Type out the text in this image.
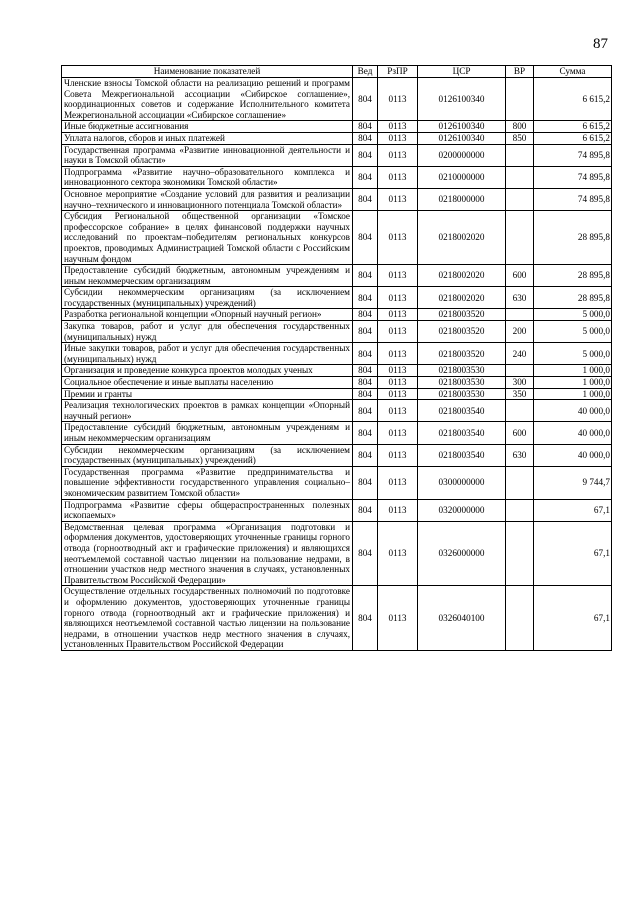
87
Наименование показателей	Вед	РзПР	ЦСР	ВР	Сумма
Членские взносы Томской области на реализацию решений и программ Совета Межрегиональной ассоциации «Сибирское соглашение», координационных советов и содержание Исполнительного комитета Межрегиональной ассоциации «Сибирское соглашение»	804	0113	0126100340		6 615,2
Иные бюджетные ассигнования	804	0113	0126100340	800	6 615,2
Уплата налогов, сборов и иных платежей	804	0113	0126100340	850	6 615,2
Государственная программа «Развитие инновационной деятельности и науки в Томской области»	804	0113	0200000000		74 895,8
Подпрограмма «Развитие научно–образовательного комплекса и инновационного сектора экономики Томской области»	804	0113	0210000000		74 895,8
Основное мероприятие «Создание условий для развития и реализации научно–технического и инновационного потенциала Томской области»	804	0113	0218000000		74 895,8
Субсидия Региональной общественной организации «Томское профессорское собрание» в целях финансовой поддержки научных исследований по проектам–победителям региональных конкурсов проектов, проводимых Администрацией Томской области с Российским научным фондом	804	0113	0218002020		28 895,8
Предоставление субсидий бюджетным, автономным учреждениям и иным некоммерческим организациям	804	0113	0218002020	600	28 895,8
Субсидии некоммерческим организациям (за исключением государственных (муниципальных) учреждений)	804	0113	0218002020	630	28 895,8
Разработка региональной концепции «Опорный научный регион»	804	0113	0218003520		5 000,0
Закупка товаров, работ и услуг для обеспечения государственных (муниципальных) нужд	804	0113	0218003520	200	5 000,0
Иные закупки товаров, работ и услуг для обеспечения государственных (муниципальных) нужд	804	0113	0218003520	240	5 000,0
Организация и проведение конкурса проектов молодых ученых	804	0113	0218003530		1 000,0
Социальное обеспечение и иные выплаты населению	804	0113	0218003530	300	1 000,0
Премии и гранты	804	0113	0218003530	350	1 000,0
Реализация технологических проектов в рамках концепции «Опорный научный регион»	804	0113	0218003540		40 000,0
Предоставление субсидий бюджетным, автономным учреждениям и иным некоммерческим организациям	804	0113	0218003540	600	40 000,0
Субсидии некоммерческим организациям (за исключением государственных (муниципальных) учреждений)	804	0113	0218003540	630	40 000,0
Государственная программа «Развитие предпринимательства и повышение эффективности государственного управления социально–экономическим развитием Томской области»	804	0113	0300000000		9 744,7
Подпрограмма «Развитие сферы общераспространенных полезных ископаемых»	804	0113	0320000000		67,1
Ведомственная целевая программа «Организация подготовки и оформления документов, удостоверяющих уточненные границы горного отвода (горноотводный акт и графические приложения) и являющихся неотъемлемой составной частью лицензии на пользование недрами, в отношении участков недр местного значения в случаях, установленных Правительством Российской Федерации»	804	0113	0326000000		67,1
Осуществление отдельных государственных полномочий по подготовке и оформлению документов, удостоверяющих уточненные границы горного отвода (горноотводный акт и графические приложения) и являющихся неотъемлемой составной частью лицензии на пользование недрами, в отношении участков недр местного значения в случаях, установленных Правительством Российской Федерации	804	0113	0326040100		67,1
